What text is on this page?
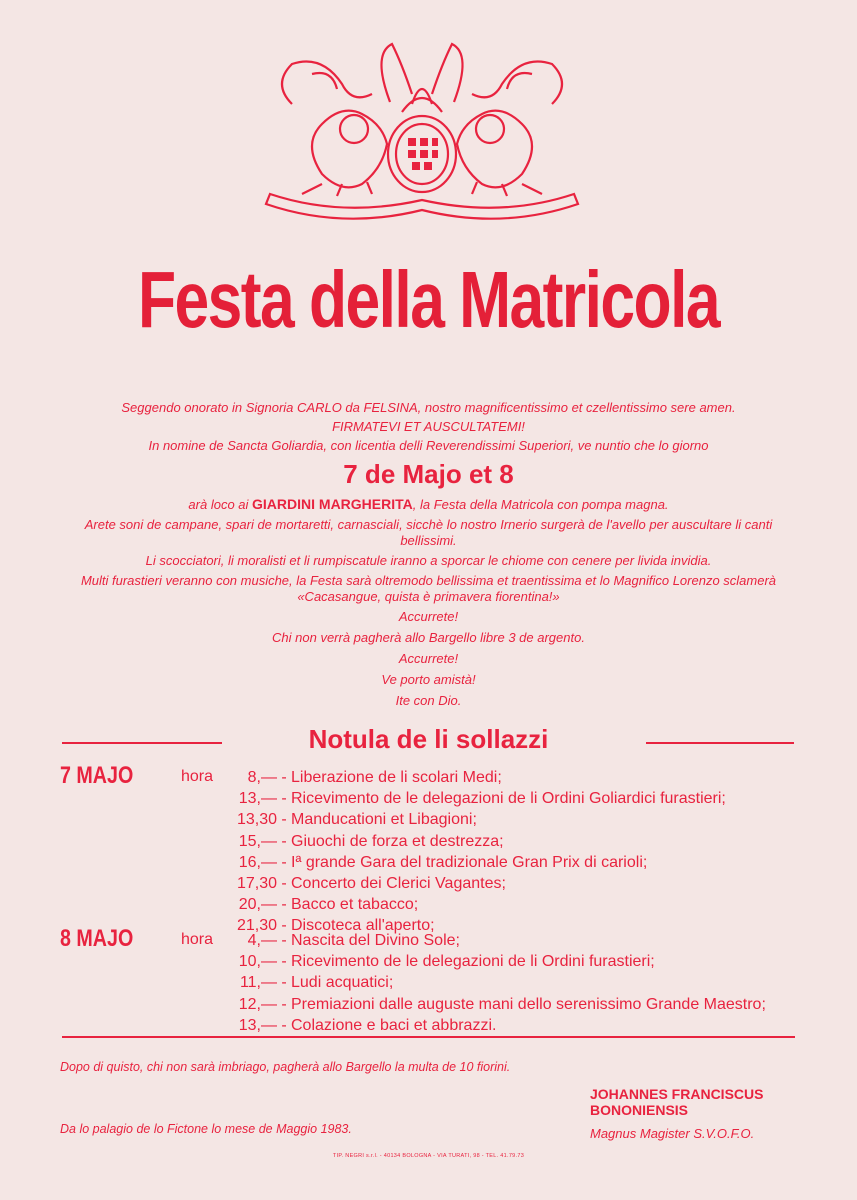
Festa della Matricola

Seggendo onorato in Signoria CARLO da FELSINA, nostro magnificentissimo et czellentissimo sere amen.

FIRMATEVI ET AUSCULTATEMI!

In nomine de Sancta Goliardia, con licentia delli Reverendissimi Superiori, ve nuntio che lo giorno

7 de Majo et 8

arà loco ai GIARDINI MARGHERITA, la Festa della Matricola con pompa magna.

Arete soni de campane, spari de mortaretti, carnasciali, sicchè lo nostro Irnerio surgerà de l'avello per auscultare li canti bellissimi.

Li scocciatori, li moralisti et li rumpiscatule iranno a sporcar le chiome con cenere per livida invidia.

Multi furastieri veranno con musiche, la Festa sarà oltremodo bellissima et traentissima et lo Magnifico Lorenzo sclamerà «Cacasangue, quista è primavera fiorentina!»

Accurrete!

Chi non verrà pagherà allo Bargello libre 3 de argento.

Accurrete!

Ve porto amistà!

Ite con Dio.

Notula de li sollazzi
7 MAJO	hora	8,— - Liberazione de li scolari Medi;
13,— - Ricevimento de le delegazioni de li Ordini Goliardici furastieri;
13,30 - Manducationi et Libagioni;
15,— - Giuochi de forza et destrezza;
16,— - Iª grande Gara del tradizionale Gran Prix di carioli;
17,30 - Concerto dei Clerici Vagantes;
20,— - Bacco et tabacco;
21,30 - Discoteca all'aperto;
8 MAJO	hora	4,— - Nascita del Divino Sole;
10,— - Ricevimento de le delegazioni de li Ordini furastieri;
11,— - Ludi acquatici;
12,— - Premiazioni dalle auguste mani dello serenissimo Grande Maestro;
13,— - Colazione e baci et abbrazzi.
Dopo di quisto, chi non sarà imbriago, pagherà allo Bargello la multa de 10 fiorini.
Da lo palagio de lo Fictone lo mese de Maggio 1983.
JOHANNES FRANCISCUS
BONONIENSIS
Magnus Magister S.V.O.F.O.
TIP. NEGRI s.r.l. - 40134 BOLOGNA - VIA TURATI, 98 - TEL. 41.79.73
